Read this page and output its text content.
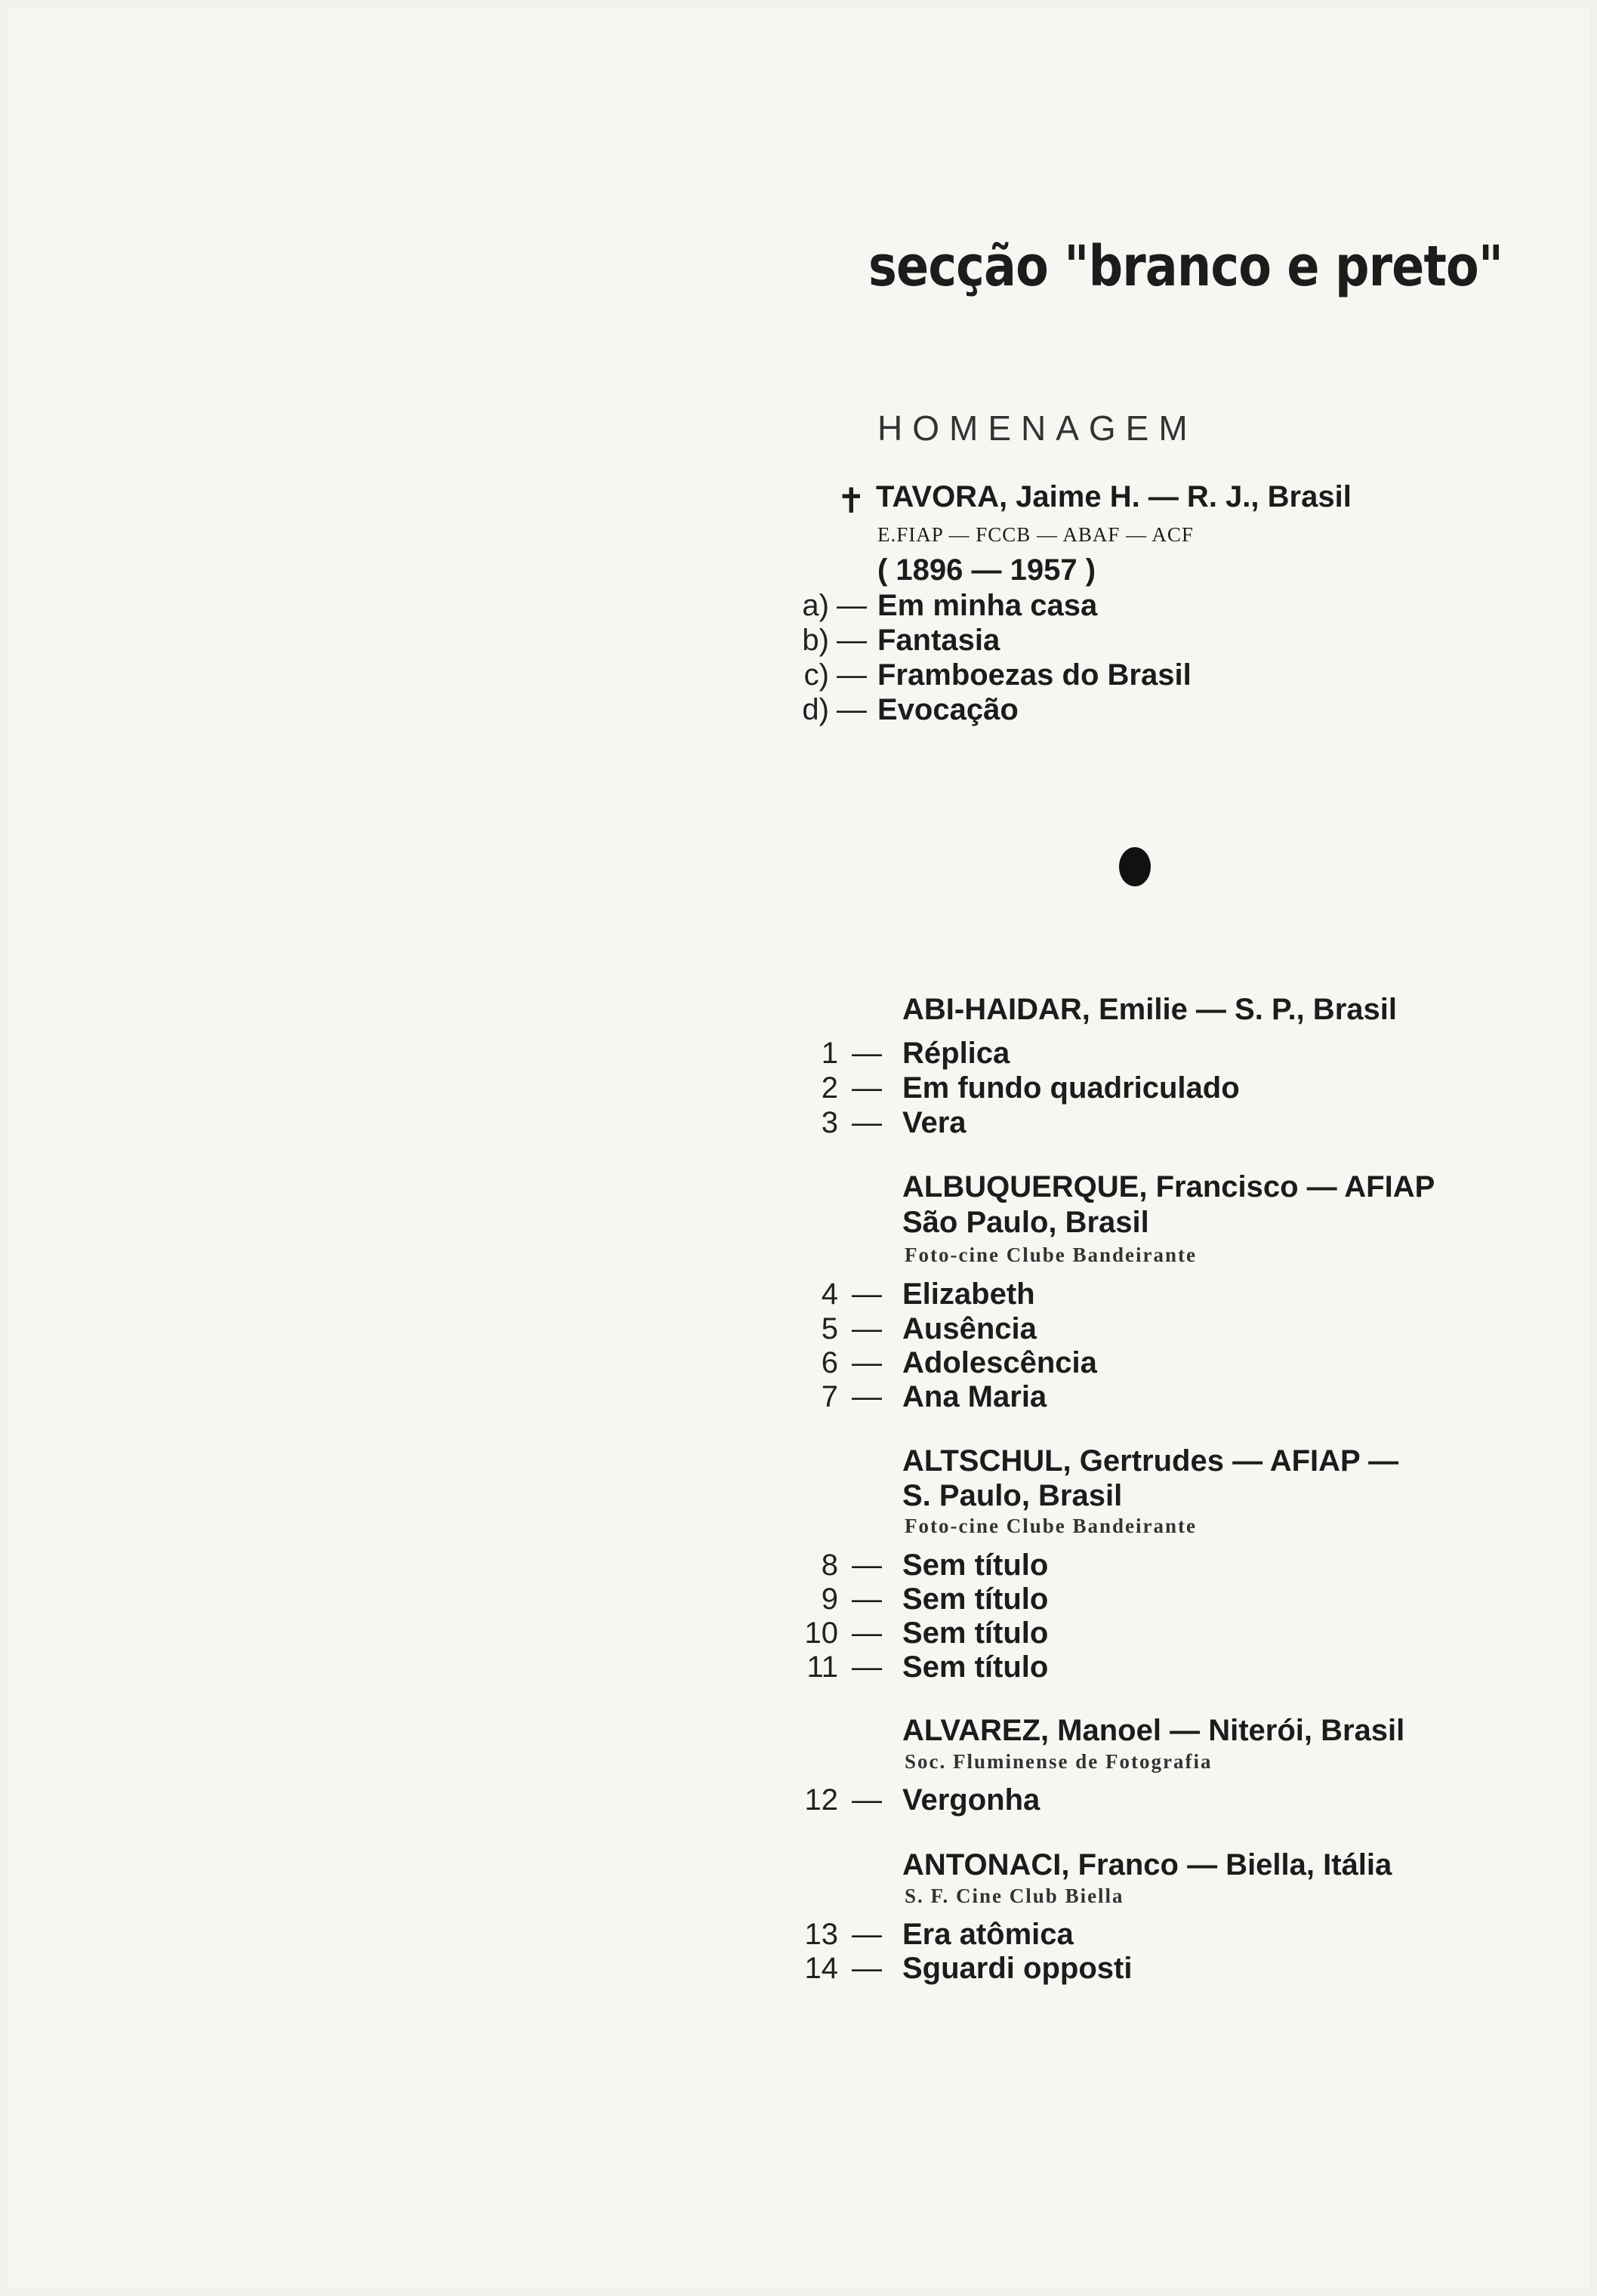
secção "branco e preto"
HOMENAGEM
✝ TAVORA, Jaime H. — R. J., Brasil
E.FIAP — FCCB — ABAF — ACF
( 1896 — 1957 )
a) — Em minha casa
b) — Fantasia
c) — Framboezas do Brasil
d) — Evocação
ABI-HAIDAR, Emilie — S. P., Brasil
1 — Réplica
2 — Em fundo quadriculado
3 — Vera
ALBUQUERQUE, Francisco — AFIAP
São Paulo, Brasil
Foto-cine Clube Bandeirante
4 — Elizabeth
5 — Ausência
6 — Adolescência
7 — Ana Maria
ALTSCHUL, Gertrudes — AFIAP —
S. Paulo, Brasil
Foto-cine Clube Bandeirante
8 — Sem título
9 — Sem título
10 — Sem título
11 — Sem título
ALVAREZ, Manoel — Niterói, Brasil
Soc. Fluminense de Fotografia
12 — Vergonha
ANTONACI, Franco — Biella, Itália
S. F. Cine Club Biella
13 — Era atômica
14 — Sguardi opposti
